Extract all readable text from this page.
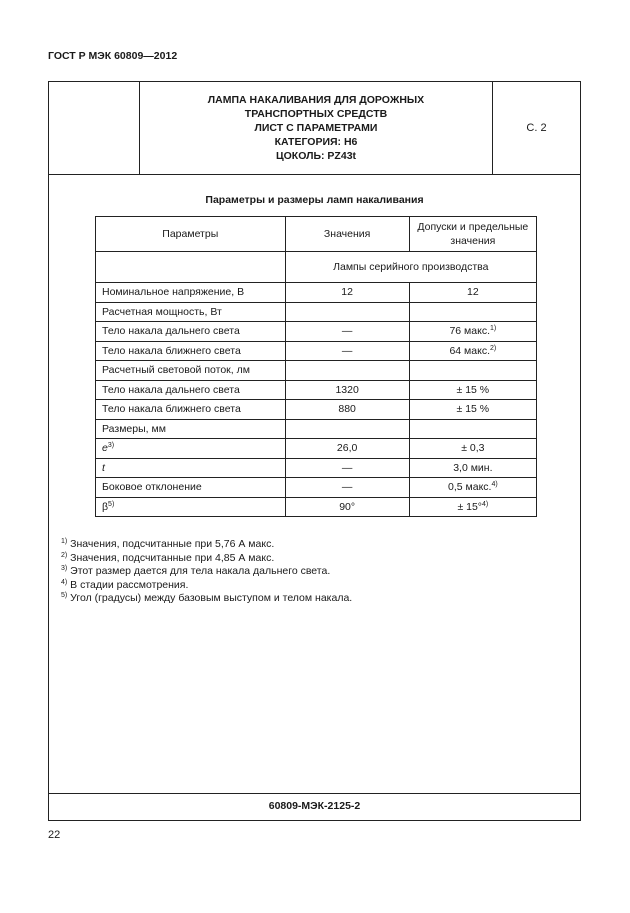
ГОСТ Р МЭК 60809—2012
ЛАМПА НАКАЛИВАНИЯ ДЛЯ ДОРОЖНЫХ
ТРАНСПОРТНЫХ СРЕДСТВ
ЛИСТ С ПАРАМЕТРАМИ
КАТЕГОРИЯ: H6
ЦОКОЛЬ: PZ43t
С. 2
Параметры и размеры ламп накаливания
Параметры	Значения	Допуски и предельные значения
	Лампы серийного производства	
Номинальное напряжение, В	12	12
Расчетная мощность, Вт		
Тело накала дальнего света	—	76 макс.$^{1)}$
Тело накала ближнего света	—	64 макс.$^{2)}$
Расчетный световой поток, лм		
Тело накала дальнего света	1320	± 15 %
Тело накала ближнего света	880	± 15 %
Размеры, мм		
$e^{3)}$	26,0	± 0,3
t	—	3,0 мин.
Боковое отклонение	—	0,5 макс.$^{4)}$
$\beta^{5)}$	90°	± 15°$^{4)}$
$^{1)}$ Значения, подсчитанные при 5,76 А макс.
$^{2)}$ Значения, подсчитанные при 4,85 А макс.
$^{3)}$ Этот размер дается для тела накала дальнего света.
$^{4)}$ В стадии рассмотрения.
$^{5)}$ Угол (градусы) между базовым выступом и телом накала.
60809-МЭК-2125-2
22
